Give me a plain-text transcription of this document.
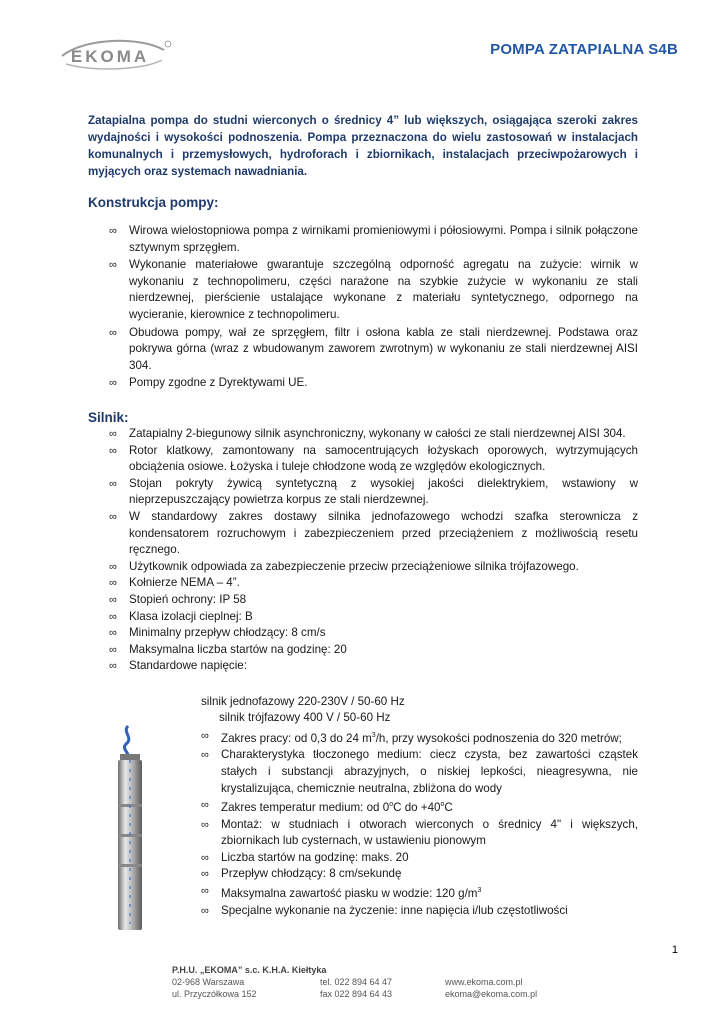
EKOMA	POMPA ZATAPIALNA S4B
Zatapialna pompa do studni wierconych o średnicy 4” lub większych, osiągająca szeroki zakres wydajności i wysokości podnoszenia. Pompa przeznaczona do wielu zastosowań w instalacjach komunalnych i przemysłowych, hydroforach i zbiornikach, instalacjach przeciwpożarowych i myjących oraz systemach nawadniania.
Konstrukcja pompy:
∞ Wirowa wielostopniowa pompa z wirnikami promieniowymi i półosiowymi. Pompa i silnik połączone sztywnym sprzęgłem.
∞ Wykonanie materiałowe gwarantuje szczególną odporność agregatu na zużycie: wirnik w wykonaniu z technopolimeru, części narażone na szybkie zużycie w wykonaniu ze stali nierdzewnej, pierścienie ustalające wykonane z materiału syntetycznego, odpornego na wycieranie, kierownice z technopolimeru.
∞ Obudowa pompy, wał ze sprzęgłem, filtr i osłona kabla ze stali nierdzewnej. Podstawa oraz pokrywa górna (wraz z wbudowanym zaworem zwrotnym) w wykonaniu ze stali nierdzewnej AISI 304.
∞ Pompy zgodne z Dyrektywami UE.
Silnik:
∞ Zatapialny 2-biegunowy silnik asynchroniczny, wykonany w całości ze stali nierdzewnej AISI 304.
∞ Rotor klatkowy, zamontowany na samocentrujących łożyskach oporowych, wytrzymujących obciążenia osiowe. Łożyska i tuleje chłodzone wodą ze względów ekologicznych.
∞ Stojan pokryty żywicą syntetyczną z wysokiej jakości dielektrykiem, wstawiony w nieprzepuszczający powietrza korpus ze stali nierdzewnej.
∞ W standardowy zakres dostawy silnika jednofazowego wchodzi szafka sterownicza z kondensatorem rozruchowym i zabezpieczeniem przed przeciążeniem z możliwością resetu ręcznego.
∞ Użytkownik odpowiada za zabezpieczenie przeciw przeciążeniowe silnika trójfazowego.
∞ Kołnierze NEMA – 4”.
∞ Stopień ochrony: IP 58
∞ Klasa izolacji cieplnej: B
∞ Minimalny przepływ chłodzący: 8 cm/s
∞ Maksymalna liczba startów na godzinę: 20
∞ Standardowe napięcie:
silnik jednofazowy 220-230V / 50-60 Hz
silnik trójfazowy 400 V / 50-60 Hz
∞ Zakres pracy: od 0,3 do 24 $m^3/h$, przy wysokości podnoszenia do 320 metrów;
∞ Charakterystyka tłoczonego medium: ciecz czysta, bez zawartości cząstek stałych i substancji abrazyjnych, o niskiej lepkości, nieagresywna, nie krystalizująca, chemicznie neutralna, zbliżona do wody
∞ Zakres temperatur medium: od 0$^o$C do $+40^oC$
∞ Montaż: w studniach i otworach wierconych o średnicy 4" i większych, zbiornikach lub cysternach, w ustawieniu pionowym
∞ Liczba startów na godzinę: maks. 20
∞ Przepływ chłodzący: 8 cm/sekundę
∞ Maksymalna zawartość piasku w wodzie: 120 $g/m^3$
∞ Specjalne wykonanie na życzenie: inne napięcia i/lub częstotliwości
1
P.H.U. „EKOMA” s.c. K.H.A. Kiełtyka
02-968 Warszawa
ul. Przyczółkowa 152
tel. 022 894 64 47
fax 022 894 64 43
www.ekoma.com.pl
ekoma@ekoma.com.pl
